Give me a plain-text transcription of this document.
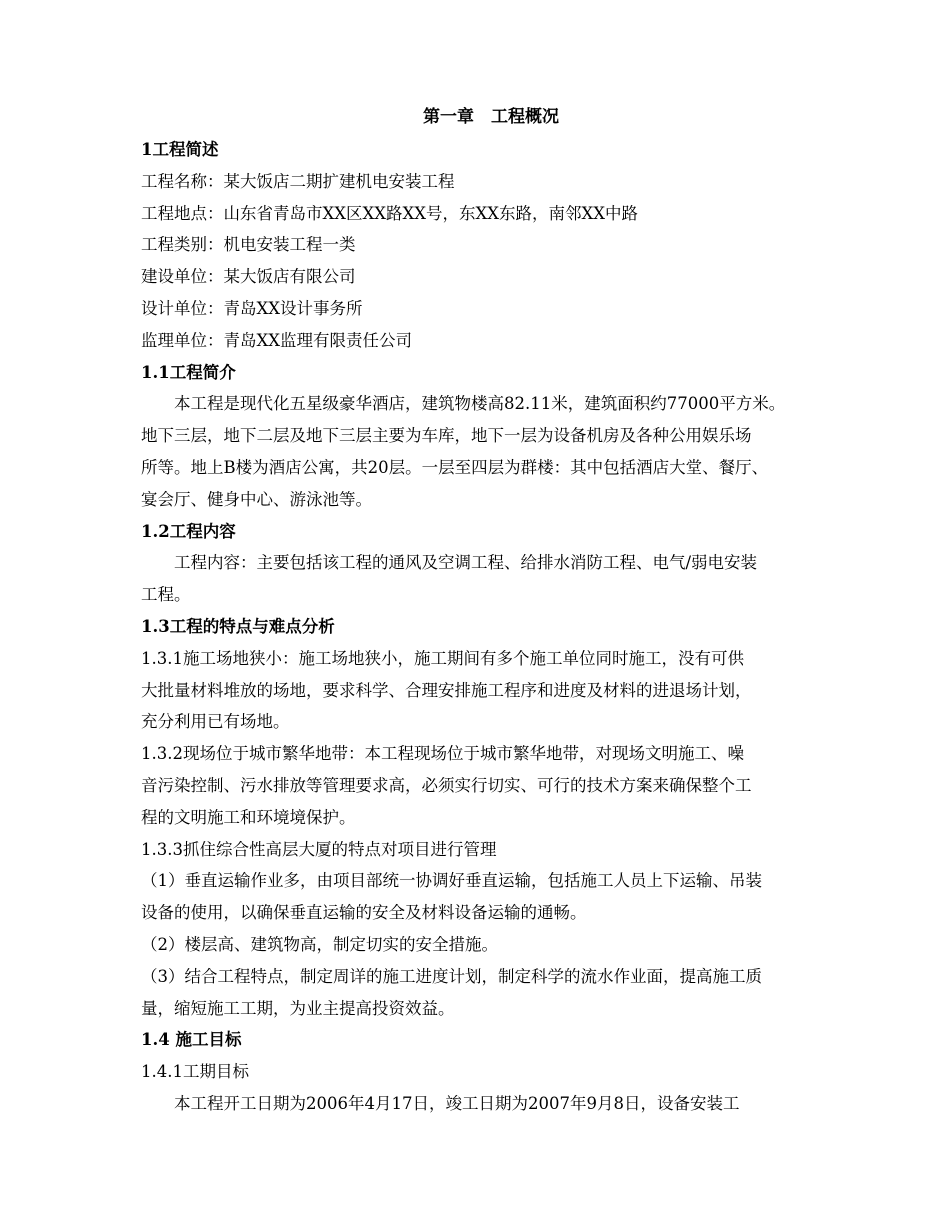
第一章　工程概况
1工程简述
工程名称：某大饭店二期扩建机电安装工程
工程地点：山东省青岛市XX区XX路XX号，东XX东路，南邻XX中路
工程类别：机电安装工程一类
建设单位：某大饭店有限公司
设计单位：青岛XX设计事务所
监理单位：青岛XX监理有限责任公司
1.1工程简介
本工程是现代化五星级豪华酒店，建筑物楼高82.11米，建筑面积约77000平方米。
地下三层，地下二层及地下三层主要为车库，地下一层为设备机房及各种公用娱乐场
所等。地上B楼为酒店公寓，共20层。一层至四层为群楼：其中包括酒店大堂、餐厅、
宴会厅、健身中心、游泳池等。
1.2工程内容
工程内容：主要包括该工程的通风及空调工程、给排水消防工程、电气/弱电安装
工程。
1.3工程的特点与难点分析
1.3.1施工场地狭小：施工场地狭小，施工期间有多个施工单位同时施工，没有可供
大批量材料堆放的场地，要求科学、合理安排施工程序和进度及材料的进退场计划，
充分利用已有场地。
1.3.2现场位于城市繁华地带：本工程现场位于城市繁华地带，对现场文明施工、噪
音污染控制、污水排放等管理要求高，必须实行切实、可行的技术方案来确保整个工
程的文明施工和环境境保护。
1.3.3抓住综合性高层大厦的特点对项目进行管理
（1）垂直运输作业多，由项目部统一协调好垂直运输，包括施工人员上下运输、吊装
设备的使用，以确保垂直运输的安全及材料设备运输的通畅。
（2）楼层高、建筑物高，制定切实的安全措施。
（3）结合工程特点，制定周详的施工进度计划，制定科学的流水作业面，提高施工质
量，缩短施工工期，为业主提高投资效益。
1.4 施工目标
1.4.1工期目标
本工程开工日期为2006年4月17日，竣工日期为2007年9月8日，设备安装工
